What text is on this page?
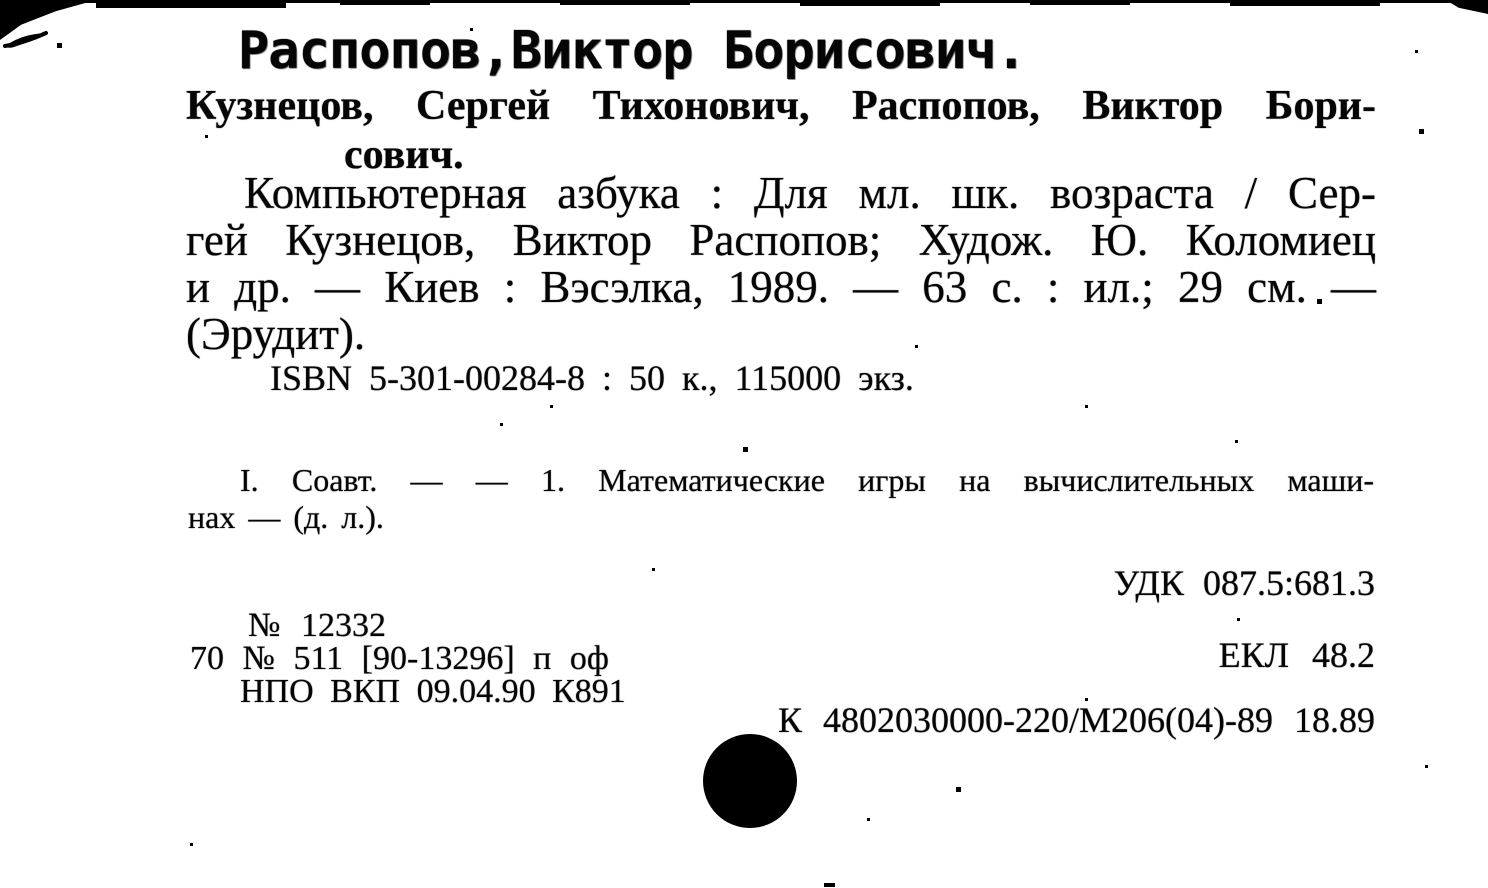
Распопов,Виктор Борисович.
Кузнецов, Сергей Тихонович, Распопов, Виктор Бори-
сович.
Компьютерная азбука : Для мл. шк. возраста / Сер-
гей Кузнецов, Виктор Распопов; Худож. Ю. Коломиец
и др. — Киев : Вэсэлка, 1989. — 63 с. : ил.; 29 см. —
(Эрудит).
ISBN 5-301-00284-8 : 50 к., 115000 экз.
I. Соавт. — — 1. Математические игры на вычислительных маши-
нах — (д. л.).
УДК 087.5:681.3
№ 12332
70 № 511 [90-13296] п оф
НПО ВКП 09.04.90 К891
ЕКЛ 48.2
К 4802030000-220/М206(04)-89 18.89
